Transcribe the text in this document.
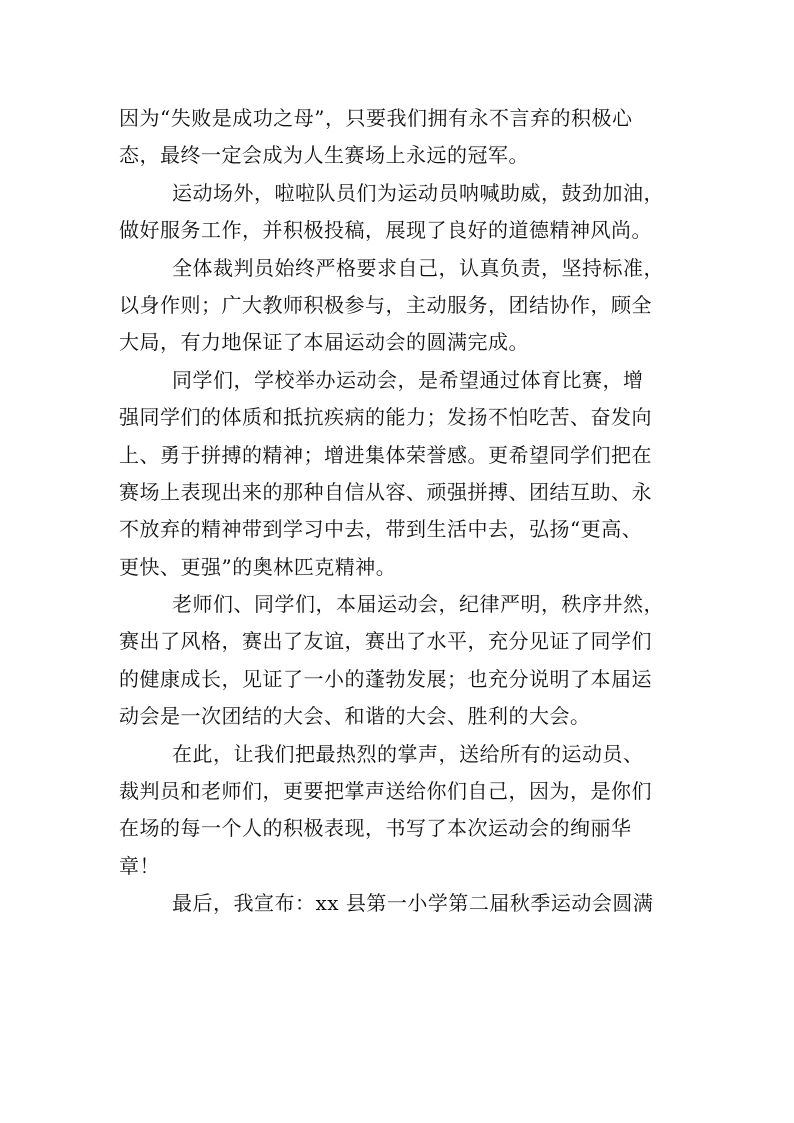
因为“失败是成功之母”，只要我们拥有永不言弃的积极心
态，最终一定会成为人生赛场上永远的冠军。
运动场外，啦啦队员们为运动员呐喊助威，鼓劲加油，
做好服务工作，并积极投稿，展现了良好的道德精神风尚。
全体裁判员始终严格要求自己，认真负责，坚持标准，
以身作则；广大教师积极参与，主动服务，团结协作，顾全
大局，有力地保证了本届运动会的圆满完成。
同学们，学校举办运动会，是希望通过体育比赛，增
强同学们的体质和抵抗疾病的能力；发扬不怕吃苦、奋发向
上、勇于拼搏的精神；增进集体荣誉感。更希望同学们把在
赛场上表现出来的那种自信从容、顽强拼搏、团结互助、永
不放弃的精神带到学习中去，带到生活中去，弘扬“更高、
更快、更强”的奥林匹克精神。
老师们、同学们，本届运动会，纪律严明，秩序井然，
赛出了风格，赛出了友谊，赛出了水平，充分见证了同学们
的健康成长，见证了一小的蓬勃发展；也充分说明了本届运
动会是一次团结的大会、和谐的大会、胜利的大会。
在此，让我们把最热烈的掌声，送给所有的运动员、
裁判员和老师们，更要把掌声送给你们自己，因为，是你们
在场的每一个人的积极表现，书写了本次运动会的绚丽华
章！
最后，我宣布：xx 县第一小学第二届秋季运动会圆满
